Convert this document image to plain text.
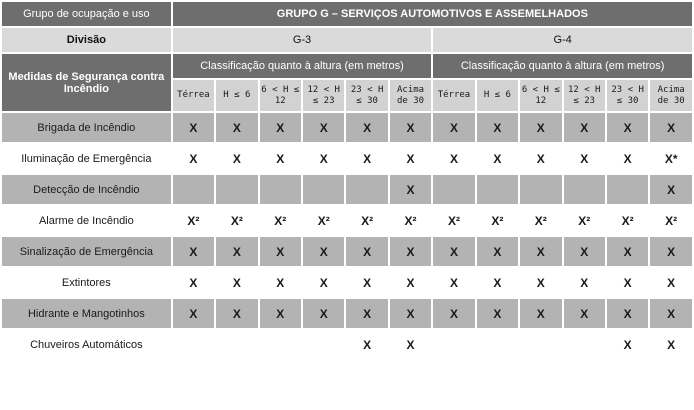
Grupo de ocupação e uso	GRUPO G – SERVIÇOS AUTOMOTIVOS E ASSEMELHADOS											
Divisão	G-3						G-4					
Medidas de Segurança contra Incêndio	Classificação quanto à altura (em metros)						Classificação quanto à altura (em metros)					
	Térrea	H ≤ 6	6 < H ≤ 12	12 < H ≤ 23	23 < H ≤ 30	Acima de 30	Térrea	H ≤ 6	6 < H ≤ 12	12 < H ≤ 23	23 < H ≤ 30	Acima de 30
Brigada de Incêndio	X	X	X	X	X	X	X	X	X	X	X	X
Iluminação de Emergência	X	X	X	X	X	X	X	X	X	X	X	X*
Detecção de Incêndio						X						X
Alarme de Incêndio	X²	X²	X²	X²	X²	X²	X²	X²	X²	X²	X²	X²
Sinalização de Emergência	X	X	X	X	X	X	X	X	X	X	X	X
Extintores	X	X	X	X	X	X	X	X	X	X	X	X
Hidrante e Mangotinhos	X	X	X	X	X	X	X	X	X	X	X	X
Chuveiros Automáticos					X	X					X	X
